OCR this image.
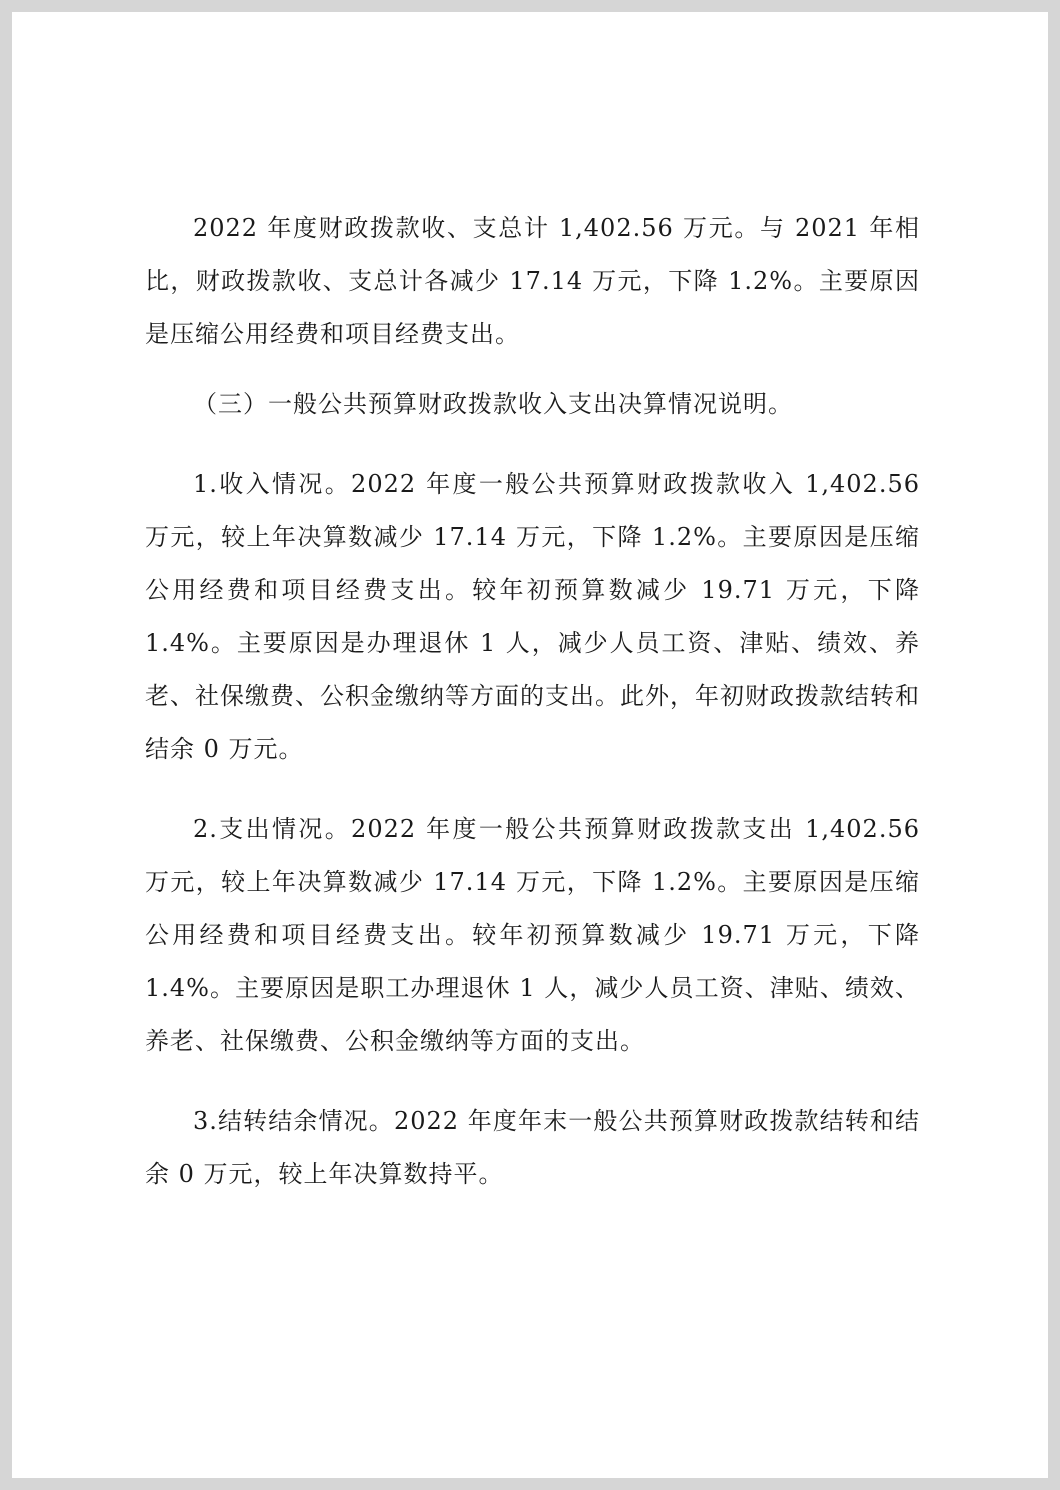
2022 年度财政拨款收、支总计 1,402.56 万元。与 2021 年相比，财政拨款收、支总计各减少 17.14 万元，下降 1.2%。主要原因是压缩公用经费和项目经费支出。

（三）一般公共预算财政拨款收入支出决算情况说明。

1.收入情况。2022 年度一般公共预算财政拨款收入 1,402.56 万元，较上年决算数减少 17.14 万元，下降 1.2%。主要原因是压缩公用经费和项目经费支出。较年初预算数减少 19.71 万元，下降 1.4%。主要原因是办理退休 1 人，减少人员工资、津贴、绩效、养老、社保缴费、公积金缴纳等方面的支出。此外，年初财政拨款结转和结余 0 万元。

2.支出情况。2022 年度一般公共预算财政拨款支出 1,402.56 万元，较上年决算数减少 17.14 万元，下降 1.2%。主要原因是压缩公用经费和项目经费支出。较年初预算数减少 19.71 万元，下降 1.4%。主要原因是职工办理退休 1 人，减少人员工资、津贴、绩效、养老、社保缴费、公积金缴纳等方面的支出。

3.结转结余情况。2022 年度年末一般公共预算财政拨款结转和结余 0 万元，较上年决算数持平。
